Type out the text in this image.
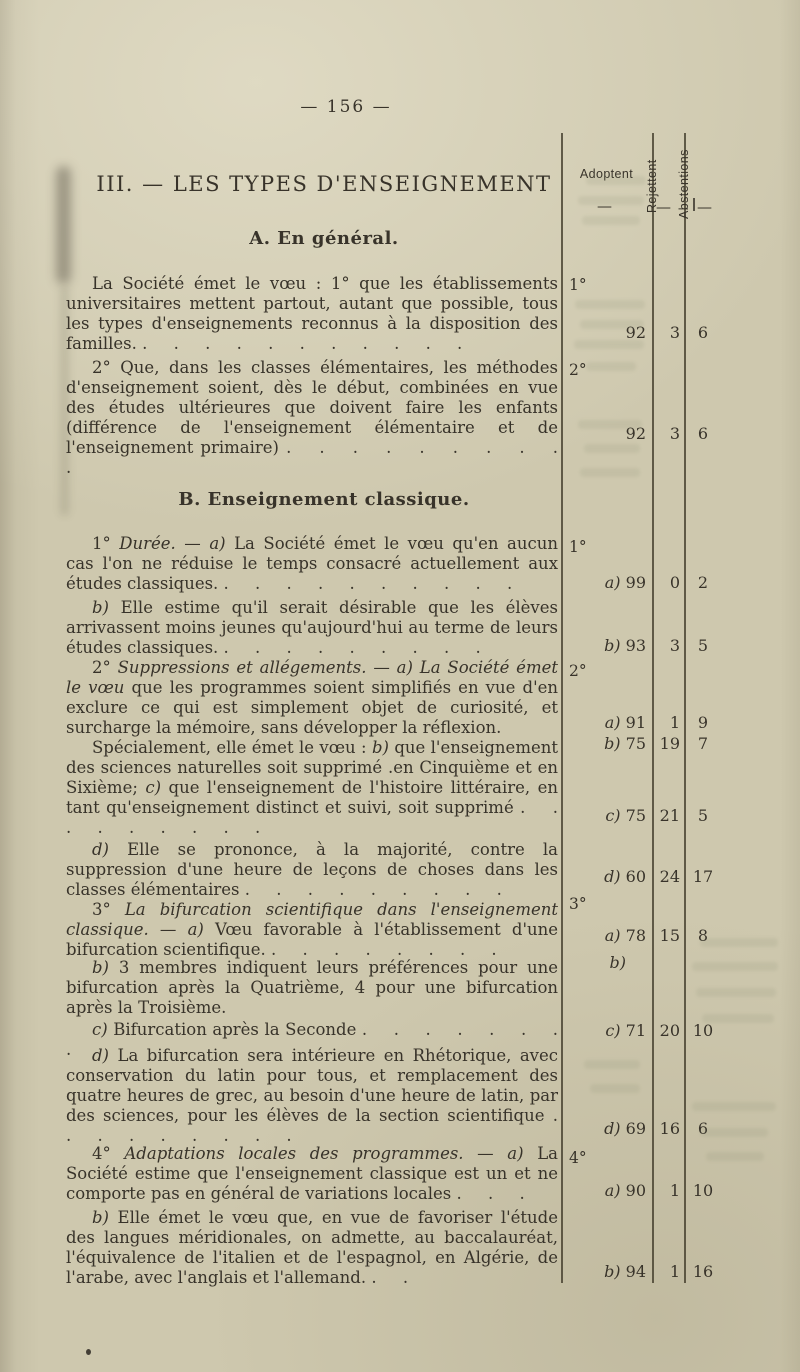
— 156 —
III. — LES TYPES D'ENSEIGNEMENT
A. En général.
B. Enseignement classique.
La Société émet le vœu : 1° que les établissements universitaires mettent partout, autant que possible, tous les types d'enseignements reconnus à la disposition des familles. . . . . . . . . . . .
2° Que, dans les classes élémentaires, les méthodes d'enseignement soient, dès le début, combinées en vue des études ultérieures que doivent faire les enfants (différence de l'enseignement élémentaire et de l'enseignement primaire) . . . . . . . . . .
1° Durée. — a) La Société émet le vœu qu'en aucun cas l'on ne réduise le temps consacré actuellement aux études classiques. . . . . . . . . . .
b) Elle estime qu'il serait désirable que les élèves arrivassent moins jeunes qu'aujourd'hui au terme de leurs études classiques. . . . . . . . . .
2° Suppressions et allégements. — a) La Société émet le vœu que les programmes soient simplifiés en vue d'en exclure ce qui est simplement objet de curiosité, et surcharge la mémoire, sans développer la réflexion.
Spécialement, elle émet le vœu : b) que l'enseignement des sciences naturelles soit supprimé .en Cinquième et en Sixième; c) que l'enseignement de l'histoire littéraire, en tant qu'enseignement distinct et suivi, soit supprimé . . . . . . . . .
d) Elle se prononce, à la majorité, contre la suppression d'une heure de leçons de choses dans les classes élémentaires . . . . . . . . .
3° La bifurcation scientifique dans l'enseignement classique. — a) Vœu favorable à l'établissement d'une bifurcation scientifique. . . . . . . . .
b) 3 membres indiquent leurs préférences pour une bifurcation après la Quatrième, 4 pour une bifurcation après la Troisième.
c) Bifurcation après la Seconde . . . . . . . .	d) La bifurcation sera intérieure en Rhétorique, avec conservation du latin pour tous, et remplacement des quatre heures de grec, au besoin d'une heure de latin, par des sciences, pour les élèves de la section scientifique . . . . . . . . .
4° Adaptations locales des programmes. — a) La Société estime que l'enseignement classique est un et ne comporte pas en général de variations locales . . .
b) Elle émet le vœu que, en vue de favoriser l'étude des langues méridionales, on admette, au baccalauréat, l'équivalence de l'italien et de l'espagnol, en Algérie, de l'arabe, avec l'anglais et l'allemand. . .
Adoptent Rejettent Abstentions
—	— —
1°
92	3	6
2°
92	3	6
1°
a) 99	0	2
b) 93	3	5
2°
a) 91	1	9
b) 75 19	7
c) 75 21	5
d) 60 24 17
3°
a) 78 15	8
b)
c) 71 20 10
d) 69 16	6
4°
a) 90	1 10
b) 94	1 16
